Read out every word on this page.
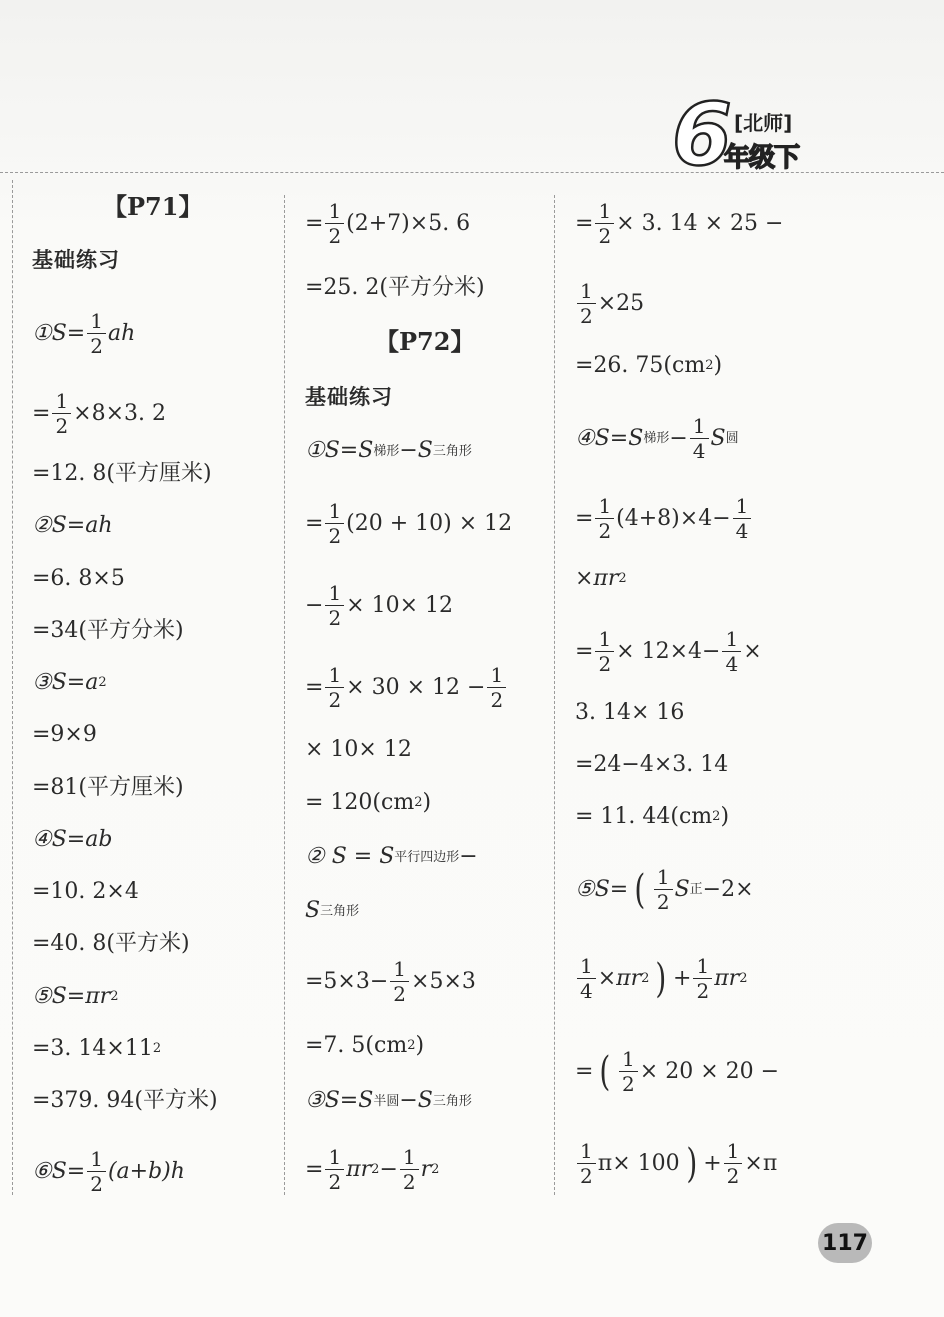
6 [北师]
年级下
【P71】
基础练习
①S= $\frac{1}{2}$ ah
= $\frac{1}{2} \times 8\times 3$. 2
=12. 8(平方厘米)
②S=ah
=6. 8×5
=34(平方分米)
③S=a 2
=9×9
=81(平方厘米)
④S=ab
=10. 2×4
=40. 8(平方米)
⑤S=πr 2
=3. 14×11 2
=379. 94(平方米)
⑥S= $\frac{1}{2} (a+b)h$
= $\frac{1}{2} (2+7)\times 5$. 6
=25. 2(平方分米)
【P72】
基础练习
①S=S 梯形 −S 三角形
= $\frac{1}{2} (20 + 10) \times 12$
− $\frac{1}{2} \times 10\times 12$
= $\frac{1}{2} \times 30 \times 12 - \frac{1}{2}$
× 10× 12
= 120(cm 2 )
② S = S 平行四边形 −
S 三角形
$=5\times 3- \frac{1}{2} \times 5\times 3$
=7. 5(cm 2 )
③S=S 半圆 −S 三角形
= $\frac{1}{2}$ πr $2 - \frac{1}{2}$ r 2
= $\frac{1}{2} \times 3$. 14 × 25 −
$\frac{1}{2} \times 25$
=26. 75(cm 2 )
④S=S 梯形 − $\frac{1}{4}$ S 圆
= $\frac{1}{2} (4+8)\times 4- \frac{1}{4}$
×πr 2
= $\frac{1}{2} \times 12\times 4- \frac{1}{4}$ ×
3. 14× 16
=24−4×3. 14
= 11. 44(cm 2 )
⑤S= ( $\frac{1}{2}$ S 正 −2×
$\frac{1}{4} \times\pi r$ 2 ) + $\frac{1}{2}$ πr 2
= ( $\frac{1}{2} \times 20 \times 20$ −
$\frac{1}{2} \pi\times 100$ ) + $\frac{1}{2} \times\pi$
117
